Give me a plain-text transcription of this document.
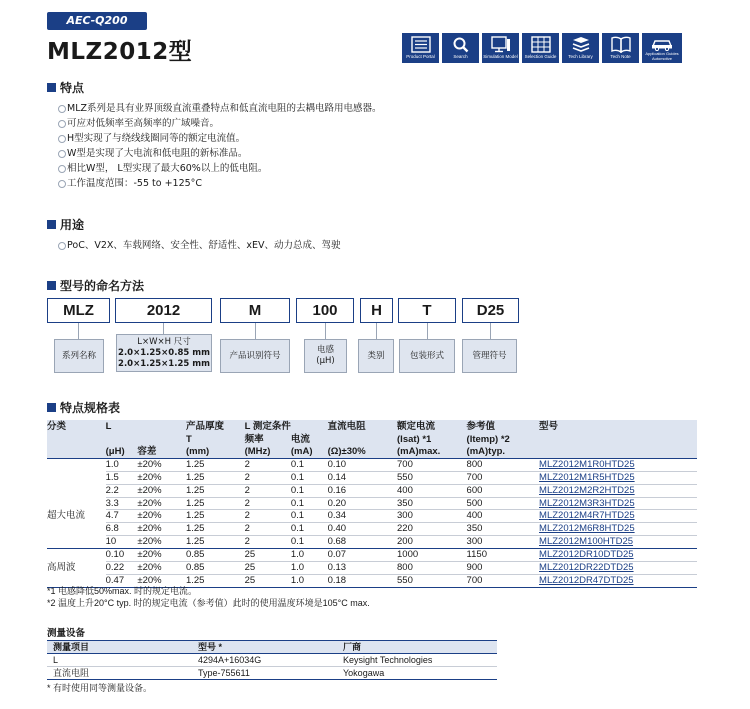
AEC-Q200
MLZ2012型	Product Portal	Search	Simulation Model Selection Guide	Tech Library	Tech Note
Application Guides Automotive
特点
MLZ系列是具有业界顶级直流重叠特点和低直流电阻的去耦电路用电感器。
可应对低频率至高频率的广域噪音。
H型实现了与绕线线圈同等的额定电流值。
W型是实现了大电流和低电阻的新标准品。
相比W型， L型实现了最大60%以上的低电阻。
工作温度范围：-55 to +125°C
用途
PoC、V2X、车载网络、安全性、舒适性、xEV、动力总成、驾驶
型号的命名方法
MLZ	2012	M	100	H	T	D25
系列名称
L×W×H 尺寸
2.0×1.25×0.85 mm
2.0×1.25×1.25 mm
产品识别符号
电感
(μH)
类别	包装形式	管理符号
特点规格表
分类	L		产品厚度	L 测定条件		直流电阻	额定电流	参考值	型号
			T	频率	电流		(Isat) *1	(Itemp) *2	
	(μH)	容差	(mm)	(MHz)	(mA)	(Ω)±30%	(mA)max.	(mA)typ.	
	1.0	±20%	1.25	2	0.1	0.10	700	800	MLZ2012M1R0HTD25
	1.5	±20%	1.25	2	0.1	0.14	550	700	MLZ2012M1R5HTD25
	2.2	±20%	1.25	2	0.1	0.16	400	600	MLZ2012M2R2HTD25
	3.3	±20%	1.25	2	0.1	0.20	350	500	MLZ2012M3R3HTD25
超大电流	4.7	±20%	1.25	2	0.1	0.34	300	400	MLZ2012M4R7HTD25
	6.8	±20%	1.25	2	0.1	0.40	220	350	MLZ2012M6R8HTD25
	10	±20%	1.25	2	0.1	0.68	200	300	MLZ2012M100HTD25
	0.10	±20%	0.85	25	1.0	0.07	1000	1150	MLZ2012DR10DTD25
高周波	0.22	±20%	0.85	25	1.0	0.13	800	900	MLZ2012DR22DTD25
	0.47	±20%	1.25	25	1.0	0.18	550	700	MLZ2012DR47DTD25
*1 电感降低50%max. 时的规定电流。
*2 温度上升20°C typ. 时的规定电流（参考值）此时的使用温度环境是105°C max.
测量设备
测量项目	型号 *	厂商
L	4294A+16034G	Keysight Technologies
直流电阻	Type-755611	Yokogawa
* 有时使用同等测量设备。
